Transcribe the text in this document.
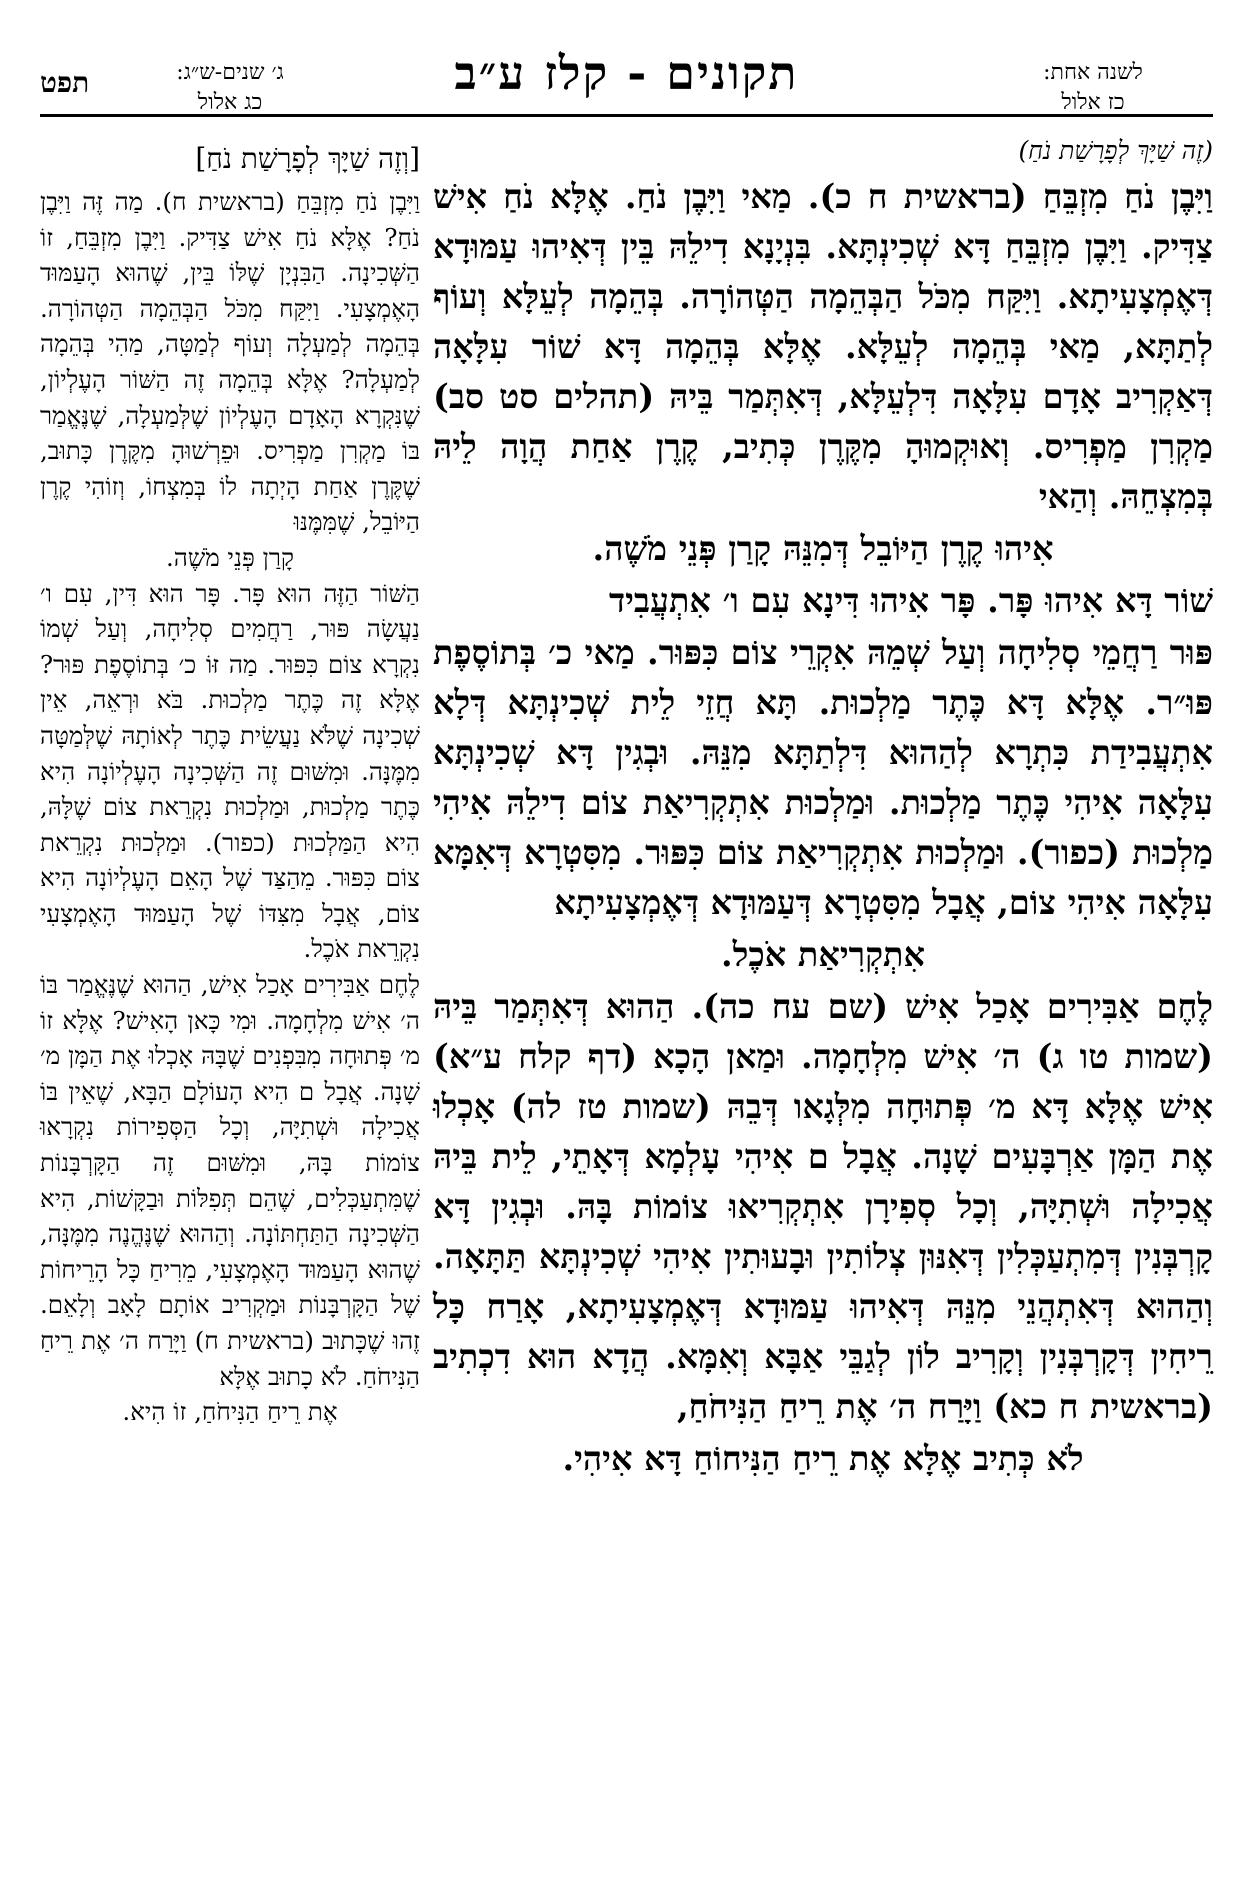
לשנה אחת:
כז אלול
תקונים - קלז ע״ב
ג׳ שנים-ש״ג:
כג אלול
תפט
(זֶה שַׁיָּךְ לְפָרָשַׁת נֹחַ)

וַיִּבֶן נֹחַ מִזְבֵּחַ (בראשית ח כ). מַאי וַיִּבֶן נֹחַ. אֶלָּא נֹחַ אִישׁ צַדִּיק. וַיִּבֶן מִזְבֵּחַ דָּא שְׁכִינְתָּא. בִּנְיָנָא דִילֵהּ בֵּין דְּאִיהוּ עַמּוּדָא דְּאֶמְצָעִיתָא. וַיִּקַּח מִכֹּל הַבְּהֵמָה הַטְּהוֹרָה. בְּהֵמָה לְעֵלָּא וְעוֹף לְתַתָּא, מַאי בְּהֵמָה לְעֵלָּא. אֶלָּא בְּהֵמָה דָּא שׁוֹר עִלָּאָה דְּאַקְרִיב אָדָם עִלָּאָה דִּלְעֵלָּא, דְּאִתְּמַר בֵּיהּ (תהלים סט סב) מַקְרִן מַפְרִיס. וְאוּקְמוּהָ מִקֶּרֶן כְּתִיב, קֶרֶן אַחַת הֲוָה לֵיהּ בְּמִצְחֵהּ. וְהַאי

אִיהוּ קֶרֶן הַיּוֹבֵל דְּמִנֵּהּ קָרַן פְּנֵי מֹשֶׁה.

שׁוֹר דָּא אִיהוּ פָּר. פָּר אִיהוּ דִּינָא עִם ו׳ אִתְעֲבִיד

פּוּר רַחֲמֵי סְלִיחָה וְעַל שְׁמֵהּ אִקְרֵי צוֹם כִּפּוּר. מַאי כ׳ בְּתוֹסֶפֶת פּוּ״ר. אֶלָּא דָּא כֶּתֶר מַלְכוּת. תָּא חֲזֵי לֵית שְׁכִינְתָּא דְּלָא אִתְעֲבִידַת כִּתְרָא לְהַהוּא דִּלְתַתָּא מִנֵּהּ. וּבְגִין דָּא שְׁכִינְתָּא עִלָּאָה אִיהִי כֶּתֶר מַלְכוּת. וּמַלְכוּת אִתְקְרִיאַת צוֹם דִילֵהּ אִיהִי מַלְכוּת (כפור). וּמַלְכוּת אִתְקְרִיאַת צוֹם כִּפּוּר. מִסִּטְרָא דְּאִמָּא עִלָּאָה אִיהִי צוֹם, אֲבָל מִסִּטְרָא דְּעַמּוּדָא דְּאֶמְצָעִיתָא

אִתְקְרִיאַת אֹכֶל.

לֶחֶם אַבִּירִים אָכַל אִישׁ (שם עח כה). הַהוּא דְּאִתְּמַר בֵּיהּ (שמות טו ג) ה׳ אִישׁ מִלְחָמָה. וּמַאן הָכָא (דף קלח ע״א) אִישׁ אֶלָּא דָּא מ׳ פְּתוּחָה מִלְּגָאו דְּבֵהּ (שמות טז לה) אָכְלוּ אֶת הַמָּן אַרְבָּעִים שָׁנָה. אֲבָל ם אִיהִי עָלְמָא דְּאָתֵי, לֵית בֵּיהּ אֲכִילָה וּשְׁתִיָּה, וְכָל סְפִירָן אִתְקְרִיאוּ צוֹמוֹת בָּהּ. וּבְגִין דָּא קָרְבְּנִין דְּמִתְעַכְּלִין דְּאִנּוּן צְלוֹתִין וּבָעוּתִין אִיהִי שְׁכִינְתָּא תַּתָּאָה. וְהַהוּא דְּאִתְהֲנֵי מִנֵּהּ דְּאִיהוּ עַמּוּדָא דְּאֶמְצָעִיתָא, אָרַח כָּל רֵיחִין דְּקָרְבְּנִין וְקָרִיב לוֹן לְגַבֵּי אַבָּא וְאִמָּא. הֲדָא הוּא דִכְתִיב (בראשית ח כא) וַיָּרַח ה׳ אֶת רֵיחַ הַנִּיחֹחַ,

לֹא כְּתִיב אֶלָּא אֶת רֵיחַ הַנִּיחוֹחַ דָּא אִיהִי.

[וְזֶה שַׁיָּךְ לְפָרָשַׁת נֹחַ]

וַיִּבֶן נֹחַ מִזְבֵּחַ (בראשית ח). מַה זֶּה וַיִּבֶן נֹחַ? אֶלָּא נֹחַ אִישׁ צַדִּיק. וַיִּבֶן מִזְבֵּחַ, זוֹ הַשְּׁכִינָה. הַבִּנְיָן שֶׁלּוֹ בֵּין, שֶׁהוּא הָעַמּוּד הָאֶמְצָעִי. וַיִּקַּח מִכֹּל הַבְּהֵמָה הַטְּהוֹרָה. בְּהֵמָה לְמַעְלָה וְעוֹף לְמַטָּה, מַהִי בְּהֵמָה לְמַעְלָה? אֶלָּא בְּהֵמָה זֶה הַשּׁוֹר הָעֶלְיוֹן, שֶׁנִּקְרָא הָאָדָם הָעֶלְיוֹן שֶׁלְּמַעְלָה, שֶׁנֶּאֱמַר בּוֹ מַקְרִן מַפְרִיס. וּפֵרְשׁוּהָ מִקֶּרֶן כָּתוּב, שֶׁקֶּרֶן אַחַת הָיְתָה לוֹ בְּמִצְחוֹ, וְזוֹהִי קֶרֶן הַיּוֹבֵל, שֶׁמִּמֶּנּוּ

קָרַן פְּנֵי מֹשֶׁה.

הַשּׁוֹר הַזֶּה הוּא פָּר. פָּר הוּא דִּין, עִם ו׳ נַעֲשָׂה פּוּר, רַחֲמִים סְלִיחָה, וְעַל שְׁמוֹ נִקְרָא צוֹם כִּפּוּר. מַה זּוֹ כ׳ בְּתוֹסֶפֶת פּוּר? אֶלָּא זֶה כֶּתֶר מַלְכוּת. בֹּא וּרְאֵה, אֵין שְׁכִינָה שֶׁלֹּא נַעֲשֵׂית כֶּתֶר לְאוֹתָהּ שֶׁלְּמַטָּה מִמֶּנָּה. וּמִשּׁוּם זֶה הַשְּׁכִינָה הָעֶלְיוֹנָה הִיא כֶּתֶר מַלְכוּת, וּמַלְכוּת נִקְרֵאת צוֹם שֶׁלָּהּ, הִיא הַמַּלְכוּת (כפור). וּמַלְכוּת נִקְרֵאת צוֹם כִּפּוּר. מֵהַצַּד שֶׁל הָאֵם הָעֶלְיוֹנָה הִיא צוֹם, אֲבָל מִצִּדּוֹ שֶׁל הָעַמּוּד הָאֶמְצָעִי נִקְרֵאת אֹכֶל.

לֶחֶם אַבִּירִים אָכַל אִישׁ, הַהוּא שֶׁנֶּאֱמַר בּוֹ ה׳ אִישׁ מִלְחָמָה. וּמִי כָּאן הָאִישׁ? אֶלָּא זוֹ מ׳ פְּתוּחָה מִבִּפְנִים שֶׁבָּהּ אָכְלוּ אֶת הַמָּן מ׳ שָׁנָה. אֲבָל ם הִיא הָעוֹלָם הַבָּא, שֶׁאֵין בּוֹ אֲכִילָה וּשְׁתִיָּה, וְכָל הַסְּפִירוֹת נִקְרָאוּ צוֹמוֹת בָּהּ, וּמִשּׁוּם זֶה הַקָּרְבָּנוֹת שֶׁמִּתְעַכְּלִים, שֶׁהֵם תְּפִלּוֹת וּבַקָּשׁוֹת, הִיא הַשְּׁכִינָה הַתַּחְתּוֹנָה. וְהַהוּא שֶׁנֶּהֱנֶה מִמֶּנָּה, שֶׁהוּא הָעַמּוּד הָאֶמְצָעִי, מֵרִיחַ כָּל הָרֵיחוֹת שֶׁל הַקָּרְבָּנוֹת וּמַקְרִיב אוֹתָם לָאָב וְלָאֵם. זֶהוּ שֶׁכָּתוּב (בראשית ח) וַיָּרַח ה׳ אֶת רֵיחַ הַנִּיחֹחַ. לֹא כָתוּב אֶלָּא

אֶת רֵיחַ הַנִּיחֹחַ, זוֹ הִיא.
